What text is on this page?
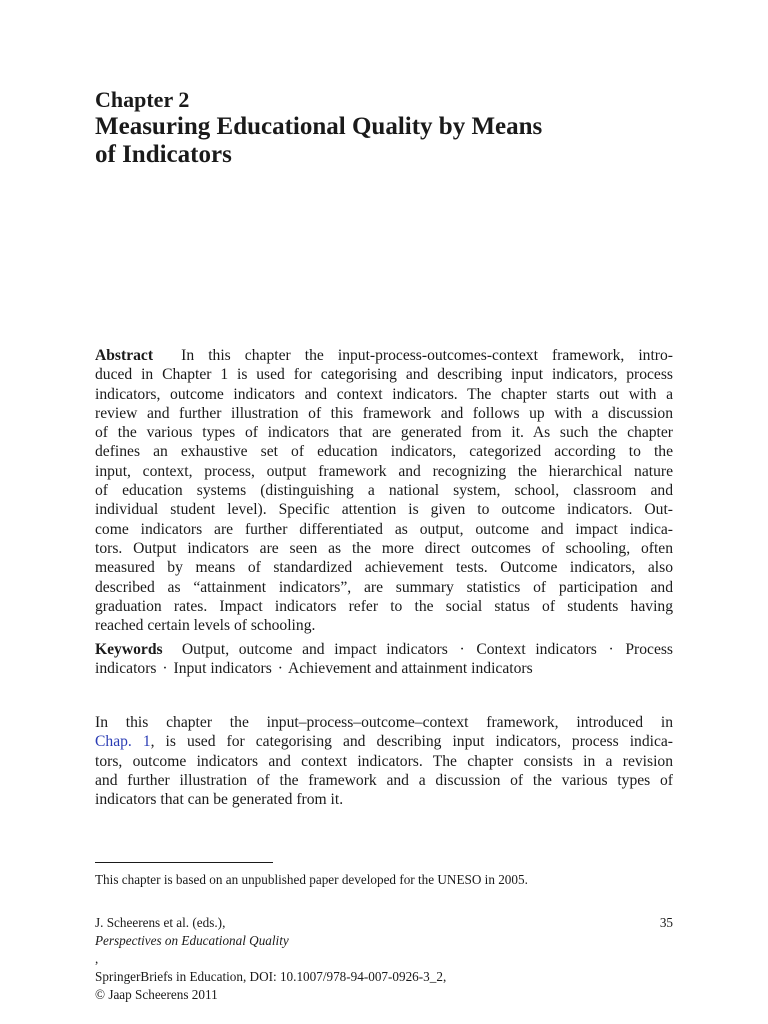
Chapter 2
Measuring Educational Quality by Means
of Indicators
Abstract In this chapter the input-process-outcomes-context framework, intro-
duced in Chapter 1 is used for categorising and describing input indicators, process
indicators, outcome indicators and context indicators. The chapter starts out with a
review and further illustration of this framework and follows up with a discussion
of the various types of indicators that are generated from it. As such the chapter
defines an exhaustive set of education indicators, categorized according to the
input, context, process, output framework and recognizing the hierarchical nature
of education systems (distinguishing a national system, school, classroom and
individual student level). Specific attention is given to outcome indicators. Out-
come indicators are further differentiated as output, outcome and impact indica-
tors. Output indicators are seen as the more direct outcomes of schooling, often
measured by means of standardized achievement tests. Outcome indicators, also
described as “attainment indicators”, are summary statistics of participation and
graduation rates. Impact indicators refer to the social status of students having
reached certain levels of schooling.
Keywords Output, outcome and impact indicators · Context indicators · Process
indicators · Input indicators · Achievement and attainment indicators
In this chapter the input–process–outcome–context framework, introduced in
Chap. 1, is used for categorising and describing input indicators, process indica-
tors, outcome indicators and context indicators. The chapter consists in a revision
and further illustration of the framework and a discussion of the various types of
indicators that can be generated from it.
This chapter is based on an unpublished paper developed for the UNESO in 2005.
J. Scheerens et al. (eds.),
Perspectives on Educational Quality
,
SpringerBriefs in Education, DOI: 10.1007/978-94-007-0926-3_2,
© Jaap Scheerens 2011
35
